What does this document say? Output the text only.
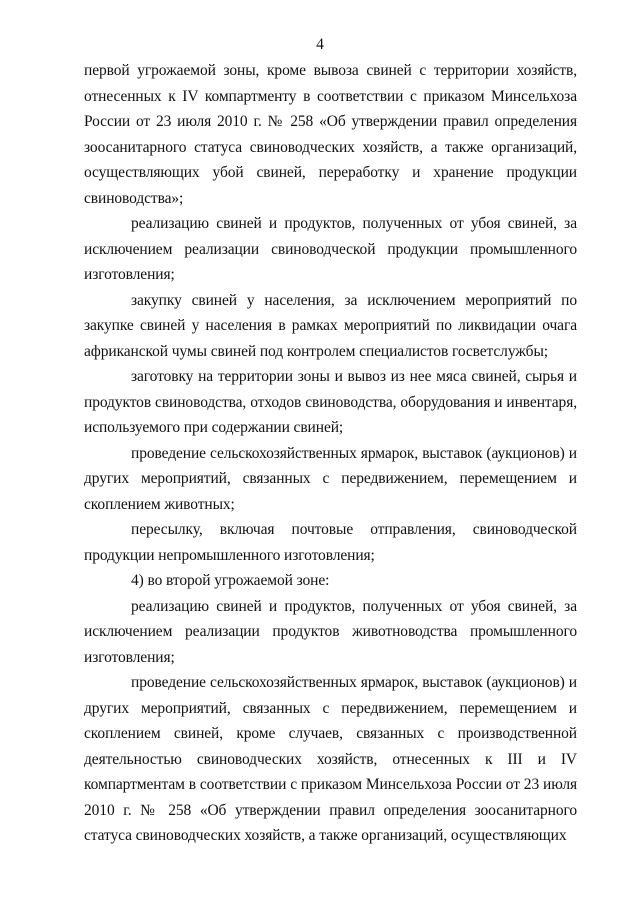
4

первой угрожаемой зоны, кроме вывоза свиней с территории хозяйств, отнесенных к IV компартменту в соответствии с приказом Минсельхоза России от 23 июля 2010 г. № 258 «Об утверждении правил определения зоосанитарного статуса свиноводческих хозяйств, а также организаций, осуществляющих убой свиней, переработку и хранение продукции свиноводства»;

реализацию свиней и продуктов, полученных от убоя свиней, за исключением реализации свиноводческой продукции промышленного изготовления;

закупку свиней у населения, за исключением мероприятий по закупке свиней у населения в рамках мероприятий по ликвидации очага африканской чумы свиней под контролем специалистов госветслужбы;

заготовку на территории зоны и вывоз из нее мяса свиней, сырья и продуктов свиноводства, отходов свиноводства, оборудования и инвентаря, используемого при содержании свиней;

проведение сельскохозяйственных ярмарок, выставок (аукционов) и других мероприятий, связанных с передвижением, перемещением и скоплением животных;

пересылку, включая почтовые отправления, свиноводческой продукции непромышленного изготовления;

4) во второй угрожаемой зоне:

реализацию свиней и продуктов, полученных от убоя свиней, за исключением реализации продуктов животноводства промышленного изготовления;

проведение сельскохозяйственных ярмарок, выставок (аукционов) и других мероприятий, связанных с передвижением, перемещением и скоплением свиней, кроме случаев, связанных с производственной деятельностью свиноводческих хозяйств, отнесенных к III и IV компартментам в соответствии с приказом Минсельхоза России от 23 июля 2010 г. № 258 «Об утверждении правил определения зоосанитарного статуса свиноводческих хозяйств, а также организаций, осуществляющих
